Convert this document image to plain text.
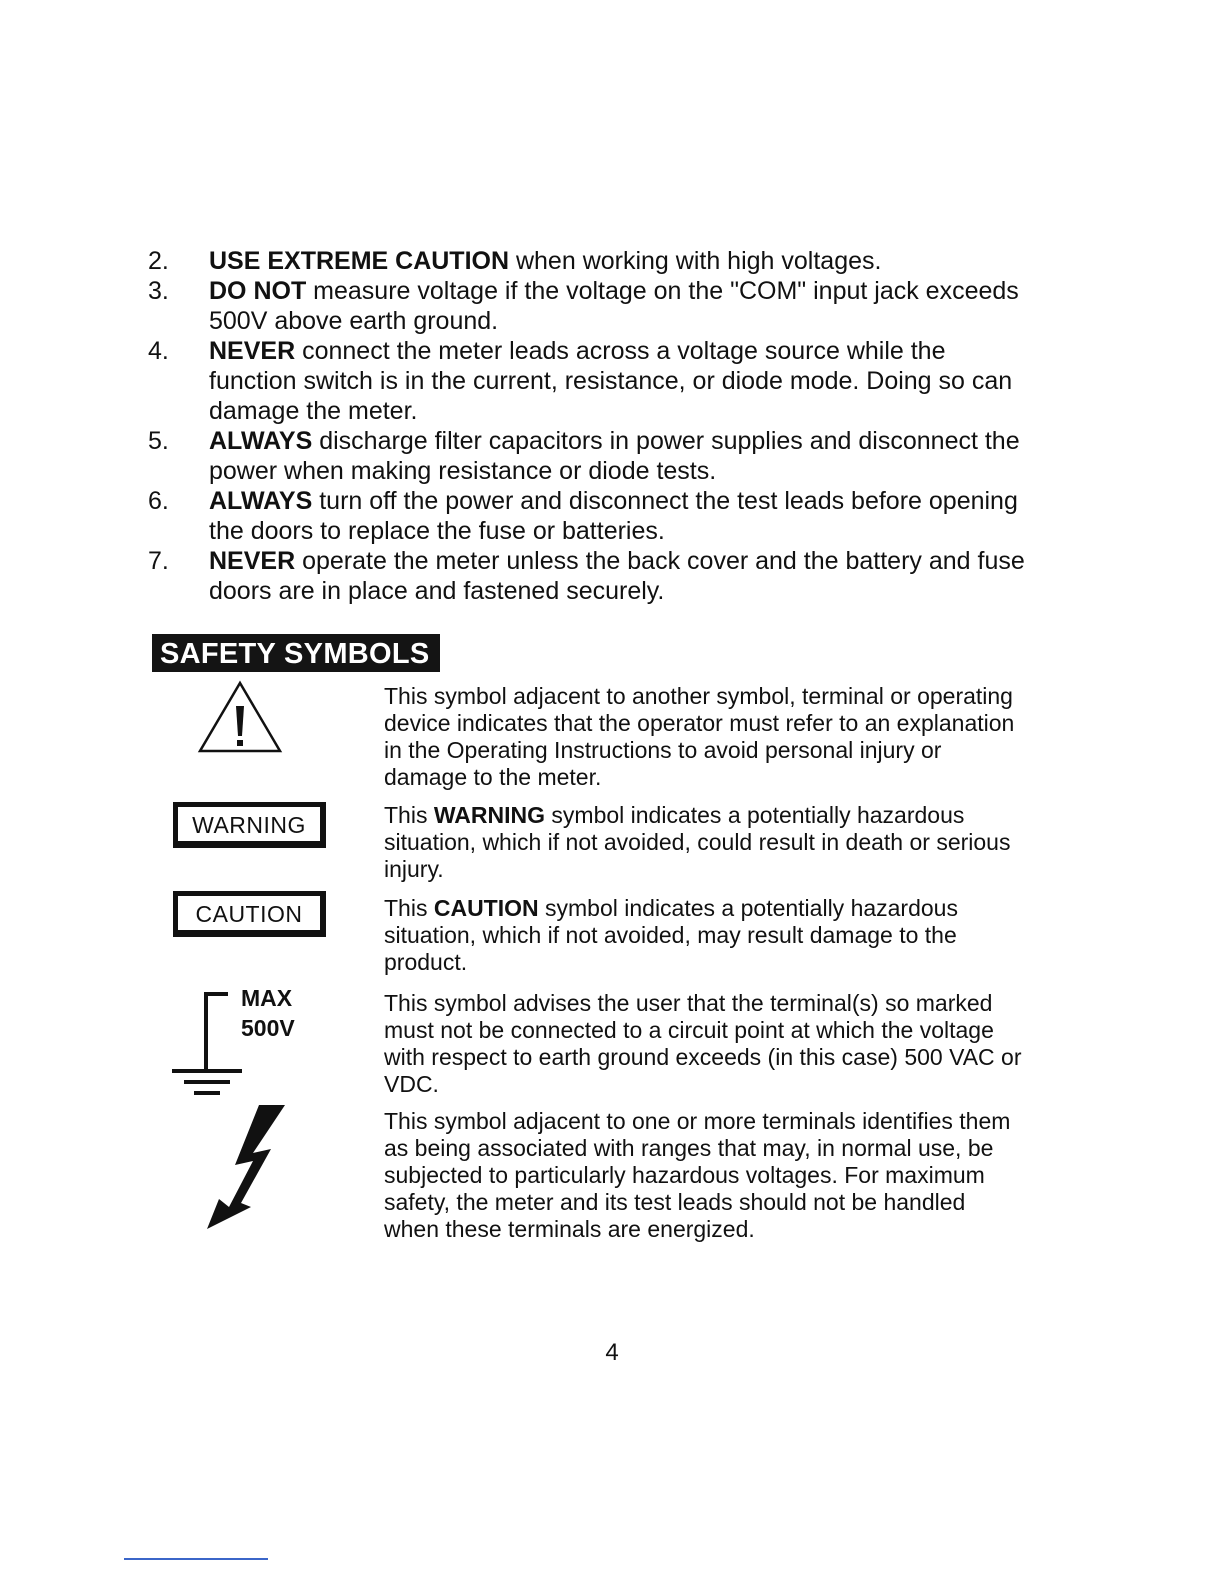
2. USE EXTREME CAUTION when working with high voltages.
3. DO NOT measure voltage if the voltage on the "COM" input jack exceeds 500V above earth ground.
4. NEVER connect the meter leads across a voltage source while the function switch is in the current, resistance, or diode mode. Doing so can damage the meter.
5. ALWAYS discharge filter capacitors in power supplies and disconnect the power when making resistance or diode tests.
6. ALWAYS turn off the power and disconnect the test leads before opening the doors to replace the fuse or batteries.
7. NEVER operate the meter unless the back cover and the battery and fuse doors are in place and fastened securely.
SAFETY SYMBOLS
This symbol adjacent to another symbol, terminal or operating device indicates that the operator must refer to an explanation in the Operating Instructions to avoid personal injury or damage to the meter.
WARNING	This WARNING symbol indicates a potentially hazardous situation, which if not avoided, could result in death or serious injury.
CAUTION	This CAUTION symbol indicates a potentially hazardous situation, which if not avoided, may result damage to the product.
MAX
500V
This symbol advises the user that the terminal(s) so marked must not be connected to a circuit point at which the voltage with respect to earth ground exceeds (in this case) 500 VAC or VDC.
This symbol adjacent to one or more terminals identifies them as being associated with ranges that may, in normal use, be subjected to particularly hazardous voltages. For maximum safety, the meter and its test leads should not be handled when these terminals are energized.
4
